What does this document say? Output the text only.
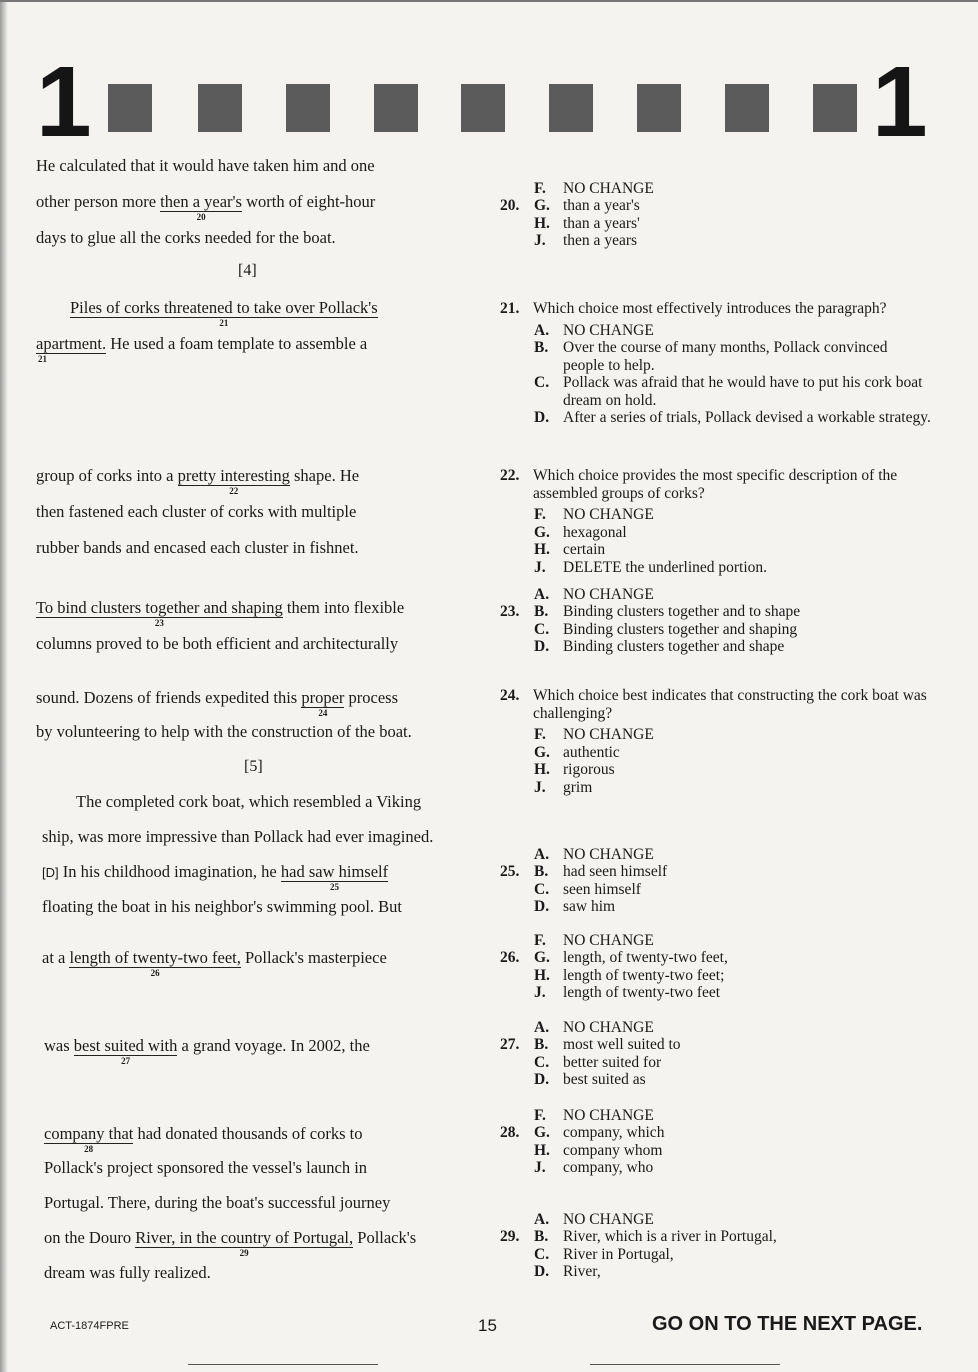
1	1
He calculated that it would have taken him and one
other person more then a year's
20
worth of eight-hour
days to glue all the corks needed for the boat.
[4]
Piles of corks threatened to take over Pollack's
21
apartment.
21
He used a foam template to assemble a
group of corks into a pretty interesting
22
shape. He
then fastened each cluster of corks with multiple
rubber bands and encased each cluster in fishnet.
To bind clusters together and shaping
23
them into flexible
columns proved to be both efficient and architecturally
sound. Dozens of friends expedited this proper
24
process
by volunteering to help with the construction of the boat.
[5]
The completed cork boat, which resembled a Viking
ship, was more impressive than Pollack had ever imagined.
[D] In his childhood imagination, he had saw himself
25
floating the boat in his neighbor's swimming pool. But
at a length of twenty-two feet,
26
Pollack's masterpiece
was best suited with
27
a grand voyage. In 2002, the
company that
28
had donated thousands of corks to
Pollack's project sponsored the vessel's launch in
Portugal. There, during the boat's successful journey
on the Douro River, in the country of Portugal,
29
Pollack's
dream was fully realized.
20.
F. NO CHANGE
G. than a year's
H. than a years'
J. then a years
21. Which choice most effectively introduces the paragraph?
A. NO CHANGE
B. Over the course of many months, Pollack convinced people to help.
C. Pollack was afraid that he would have to put his cork boat dream on hold.
D. After a series of trials, Pollack devised a workable strategy.
22. Which choice provides the most specific description of the assembled groups of corks?
F. NO CHANGE
G. hexagonal
H. certain
J. DELETE the underlined portion.
23.
A. NO CHANGE
B. Binding clusters together and to shape
C. Binding clusters together and shaping
D. Binding clusters together and shape
24. Which choice best indicates that constructing the cork boat was challenging?
F. NO CHANGE
G. authentic
H. rigorous
J. grim
25.
A. NO CHANGE
B. had seen himself
C. seen himself
D. saw him
26.
F. NO CHANGE
G. length, of twenty-two feet,
H. length of twenty-two feet;
J. length of twenty-two feet
27.
A. NO CHANGE
B. most well suited to
C. better suited for
D. best suited as
28.
F. NO CHANGE
G. company, which
H. company whom
J. company, who
29.
A. NO CHANGE
B. River, which is a river in Portugal,
C. River in Portugal,
D. River,
ACT-1874FPRE	15	GO ON TO THE NEXT PAGE.
